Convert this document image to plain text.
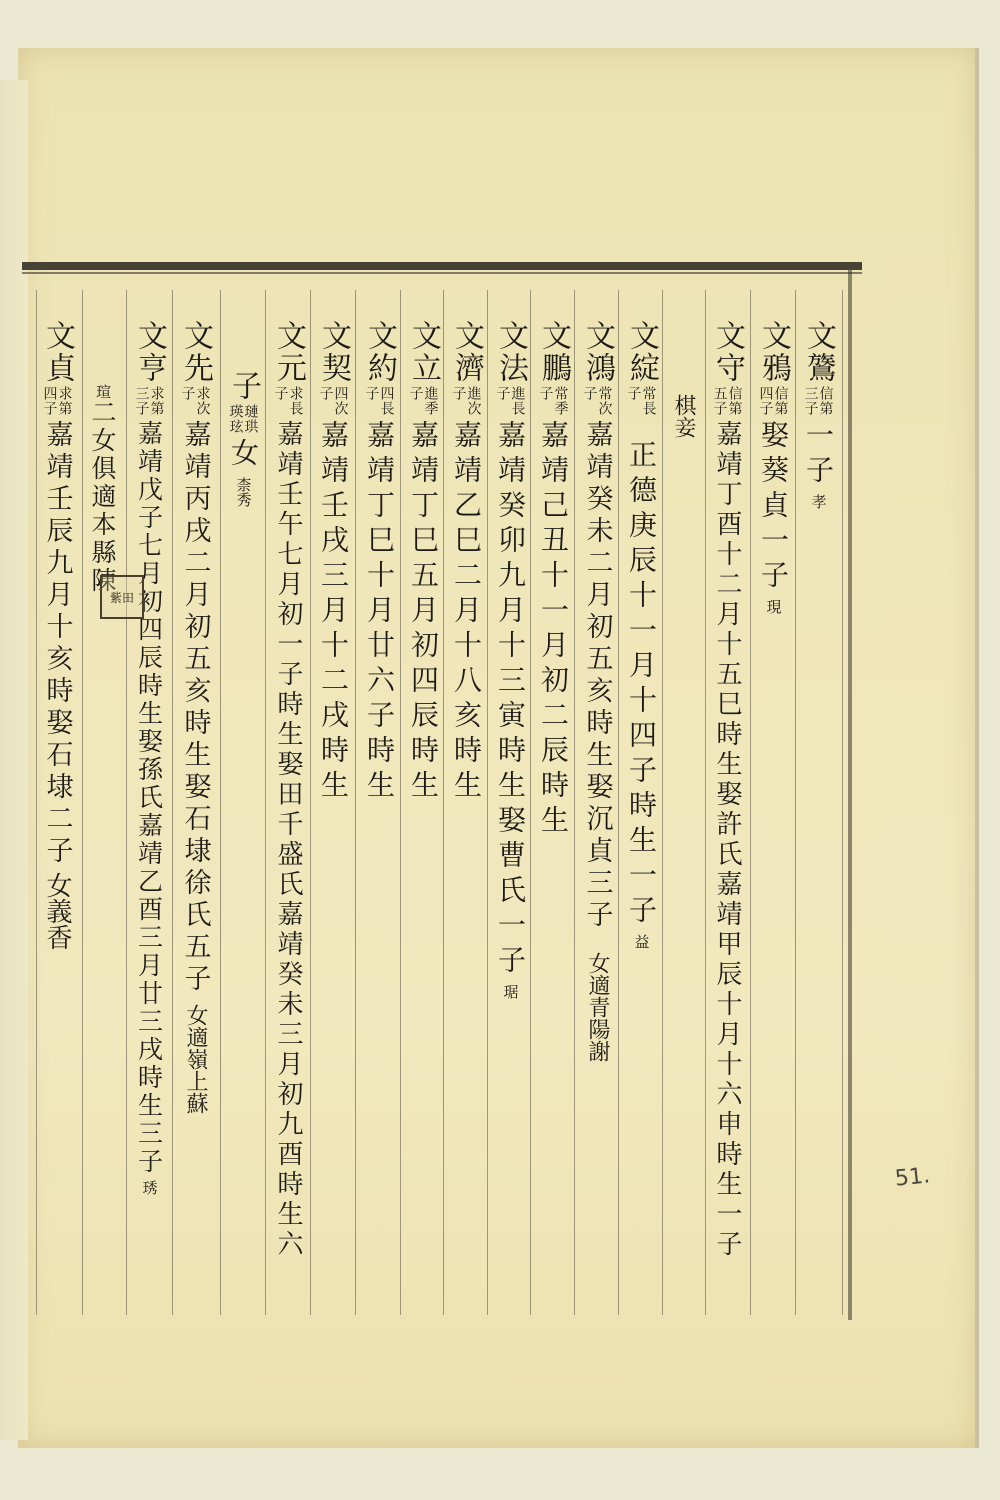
文鷟
信第
三子
一子
孝
文鴉
信第
四子
娶葵貞一子
現
文守
信第
五子
嘉靖丁酉十二月十五巳時生娶許氏嘉靖甲辰十月十六申時生一子
棋妾
文綻
常長
子
正德庚辰十一月十四子時生一子
益
文鴻
常次
子
嘉靖癸未二月初五亥時生娶沉貞三子
女適青陽謝
文鵬
常季
子
嘉靖己丑十一月初二辰時生
文法
進長
子
嘉靖癸卯九月十三寅時生娶曹氏一子
琚
文濟
進次
子
嘉靖乙巳二月十八亥時生
文立
進季
子
嘉靖丁巳五月初四辰時生
文約
四長
子
嘉靖丁巳十月廿六子時生
文契
四次
子
嘉靖壬戌三月十二戌時生
文元
求長
子
嘉靖壬午七月初一子時生娶田千盛氏嘉靖癸未三月初九酉時生六
子
璉珙
瑛玹
女
柰秀
文先
求次
子
嘉靖丙戌二月初五亥時生娶石埭徐氏五子
女適嶺上蘇
文亨
求第
三子
嘉靖戊子七月初四辰時生娶孫氏嘉靖乙酉三月廿三戌時生三子
琇
瑄
二女俱適本縣陳
文貞
求第
四子
嘉靖壬辰九月十亥時娶石埭二子
女義香
紫田
51.
